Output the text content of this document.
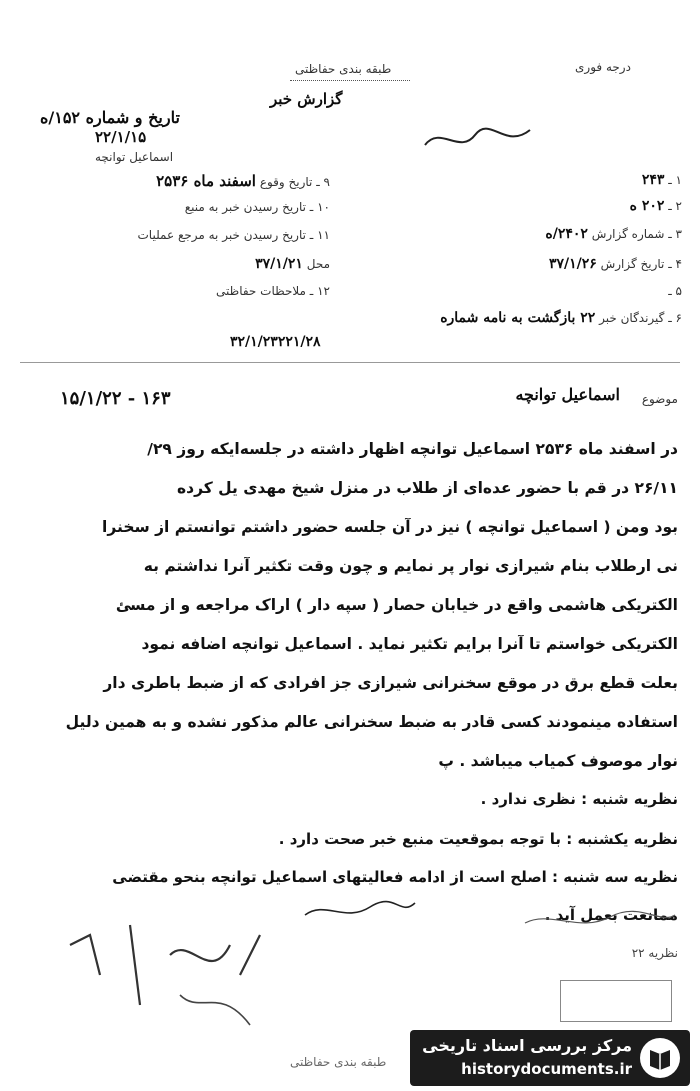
درجه فوری
طبقه بندی حفاظتی
گزارش خبر
تاریخ و شماره ۱۵۲/ه
۲۲/۱/۱۵
اسماعیل توانچه
۱ ـ ۲۴۳
۲ ـ ۲۰۲ ه
۳ ـ شماره گزارش ۲۴۰۲/ه
۴ ـ تاریخ گزارش ۳۷/۱/۲۶
۵ ـ
۹ ـ تاریخ وقوع اسفند ماه ۲۵۳۶
۱۰ ـ تاریخ رسیدن خبر به منبع
۱۱ ـ تاریخ رسیدن خبر به مرجع عملیات
محل ۳۷/۱/۲۱
۱۲ ـ ملاحظات حفاظتی
۶ ـ گیرندگان خبر ۲۲ بازگشت به نامه شماره
۳۲/۱/۲۳۲۲۱/۲۸
موضوع
اسماعیل توانچه
۱۶۳ - ۱۵/۱/۲۲
در اسفند ماه ۲۵۳۶ اسماعیل توانچه اظهار داشته در جلسه‌ایکه روز ۲۹/
۲۶/۱۱ در قم با حضور عده‌ای از طلاب در منزل شیخ مهدی یل کرده
بود ومن ( اسماعیل توانچه ) نیز در آن جلسه حضور داشتم توانستم از سخنرا
نی ارطلاب بنام شیرازی نوار پر نمایم و چون وقت تکثیر آنرا نداشتم به
الکتریکی هاشمی واقع در خیابان حصار ( سپه دار ) اراک مراجعه و از مسئ
الکتریکی خواستم تا آنرا برایم تکثیر نماید . اسماعیل توانچه اضافه نمود
بعلت قطع برق در موقع سخنرانی شیرازی جز افرادی که از ضبط باطری دار
استفاده مینمودند کسی قادر به ضبط سخنرانی عالم مذکور نشده و به همین دلیل
نوار موصوف کمیاب میباشد . پ
نظریه شنبه : نظری ندارد .
نظریه یکشنبه : با توجه بموقعیت منبع خبر صحت دارد .
نظریه سه شنبه : اصلح است از ادامه فعالیتهای اسماعیل توانچه بنحو مقتضی
ممانعت بعمل آید .
نظریه ۲۲
طبقه بندی حفاظتی
مرکز بررسی اسناد تاریخی
historydocuments.ir
